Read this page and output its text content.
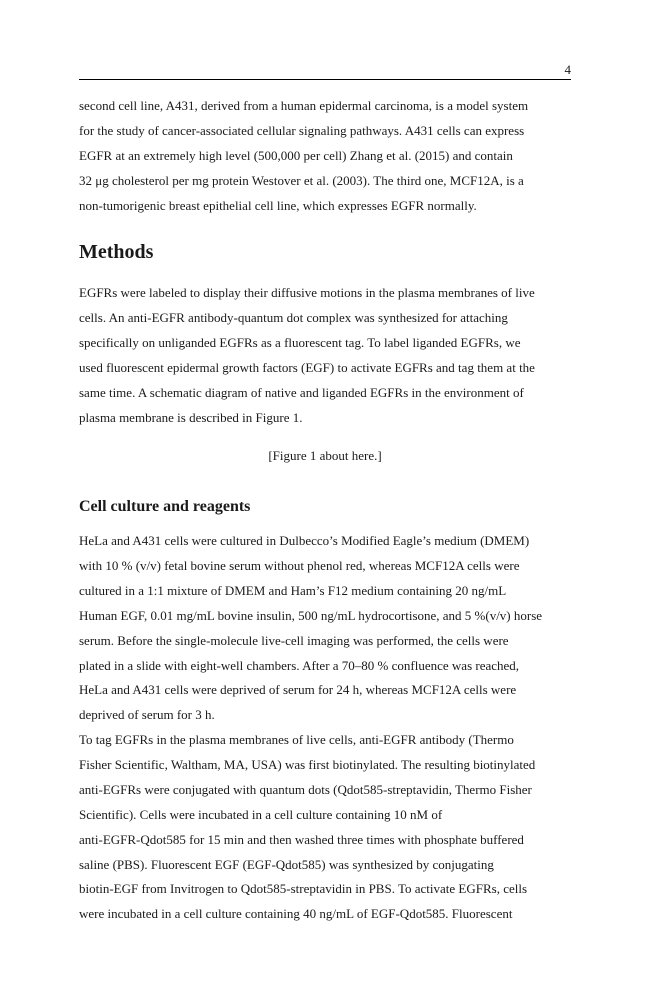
4

second cell line, A431, derived from a human epidermal carcinoma, is a model system
for the study of cancer-associated cellular signaling pathways. A431 cells can express
EGFR at an extremely high level (500,000 per cell) Zhang et al. (2015) and contain
32 μg cholesterol per mg protein Westover et al. (2003). The third one, MCF12A, is a
non-tumorigenic breast epithelial cell line, which expresses EGFR normally.

Methods

EGFRs were labeled to display their diffusive motions in the plasma membranes of live
cells. An anti-EGFR antibody-quantum dot complex was synthesized for attaching
specifically on unliganded EGFRs as a fluorescent tag. To label liganded EGFRs, we
used fluorescent epidermal growth factors (EGF) to activate EGFRs and tag them at the
same time. A schematic diagram of native and liganded EGFRs in the environment of
plasma membrane is described in Figure 1.

[Figure 1 about here.]

Cell culture and reagents

HeLa and A431 cells were cultured in Dulbecco’s Modified Eagle’s medium (DMEM)
with 10 % (v/v) fetal bovine serum without phenol red, whereas MCF12A cells were
cultured in a 1:1 mixture of DMEM and Ham’s F12 medium containing 20 ng/mL
Human EGF, 0.01 mg/mL bovine insulin, 500 ng/mL hydrocortisone, and 5 %(v/v) horse
serum. Before the single-molecule live-cell imaging was performed, the cells were
plated in a slide with eight-well chambers. After a 70–80 % confluence was reached,
HeLa and A431 cells were deprived of serum for 24 h, whereas MCF12A cells were
deprived of serum for 3 h.

To tag EGFRs in the plasma membranes of live cells, anti-EGFR antibody (Thermo
Fisher Scientific, Waltham, MA, USA) was first biotinylated. The resulting biotinylated
anti-EGFRs were conjugated with quantum dots (Qdot585-streptavidin, Thermo Fisher
Scientific). Cells were incubated in a cell culture containing 10 nM of
anti-EGFR-Qdot585 for 15 min and then washed three times with phosphate buffered
saline (PBS). Fluorescent EGF (EGF-Qdot585) was synthesized by conjugating
biotin-EGF from Invitrogen to Qdot585-streptavidin in PBS. To activate EGFRs, cells
were incubated in a cell culture containing 40 ng/mL of EGF-Qdot585. Fluorescent
